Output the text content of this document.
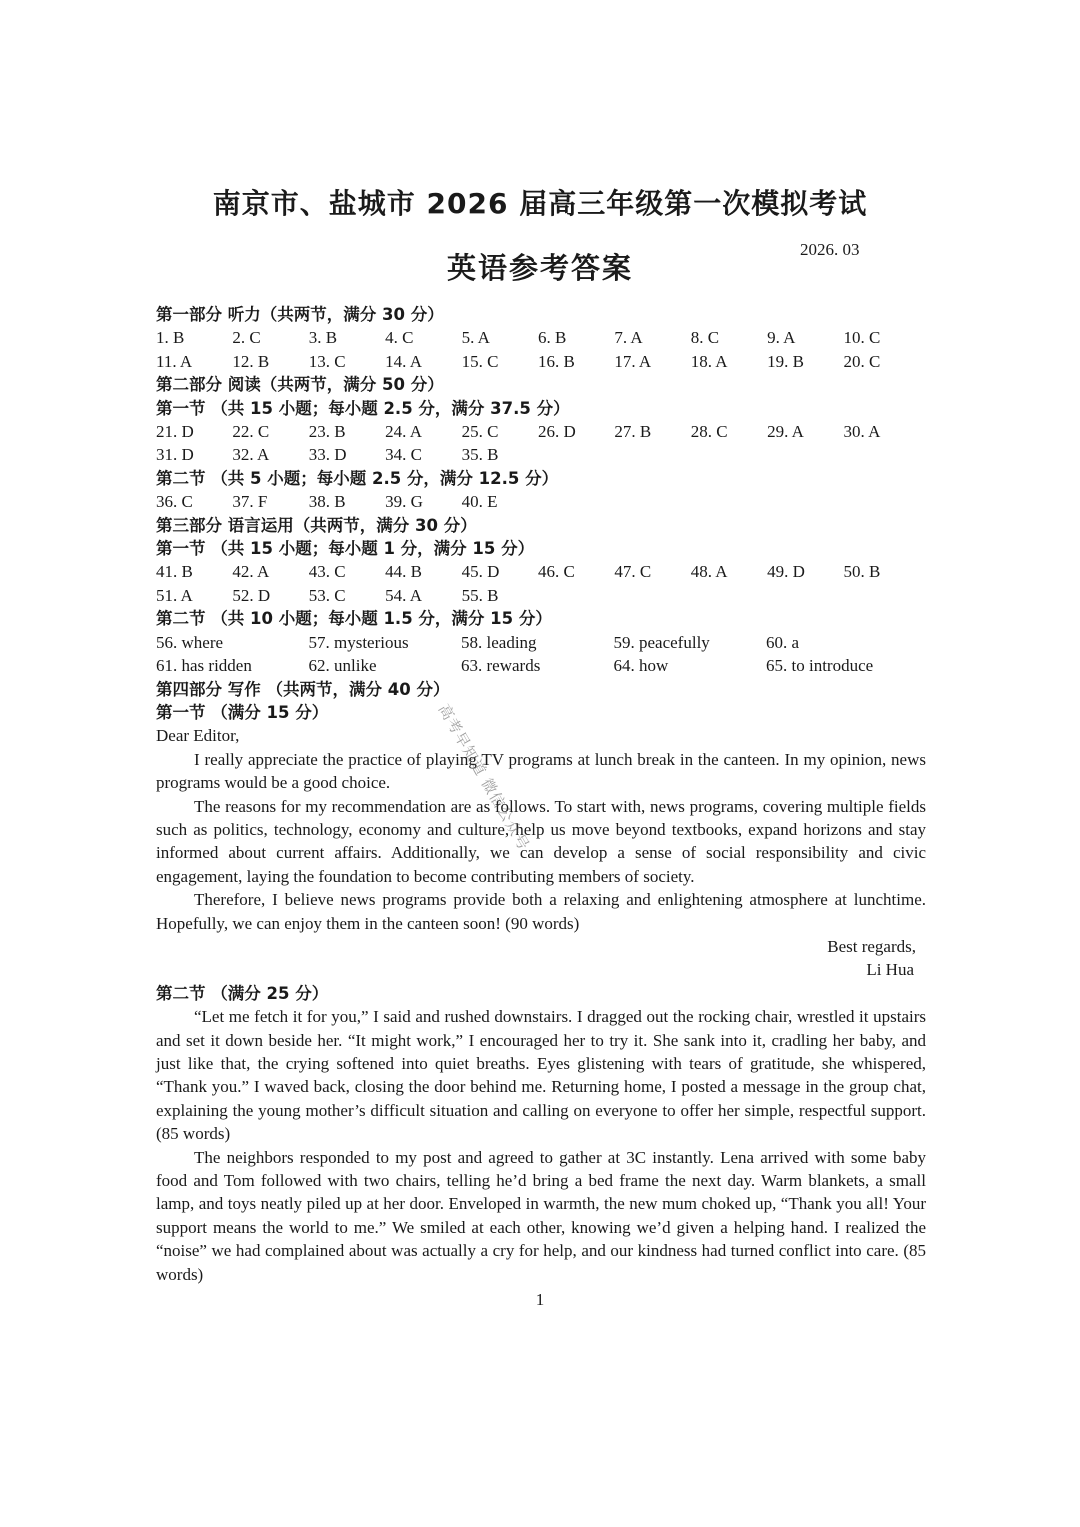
南京市、盐城市 2026 届高三年级第一次模拟考试
英语参考答案
2026. 03
第一部分 听力（共两节，满分 30 分）
1. B	2. C	3. B	4. C	5. A	6. B	7. A	8. C	9. A	10. C
11. A	12. B	13. C	14. A	15. C	16. B	17. A	18. A	19. B	20. C
第二部分 阅读（共两节，满分 50 分）
第一节 （共 15 小题；每小题 2.5 分，满分 37.5 分）
21. D	22. C	23. B	24. A	25. C	26. D	27. B	28. C	29. A	30. A
31. D	32. A	33. D	34. C	35. B
第二节 （共 5 小题；每小题 2.5 分，满分 12.5 分）
36. C	37. F	38. B	39. G	40. E
第三部分 语言运用（共两节，满分 30 分）
第一节 （共 15 小题；每小题 1 分，满分 15 分）
41. B	42. A	43. C	44. B	45. D	46. C	47. C	48. A	49. D	50. B
51. A	52. D	53. C	54. A	55. B
第二节 （共 10 小题；每小题 1.5 分，满分 15 分）
56. where	57. mysterious	58. leading	59. peacefully	60. a
61. has ridden	62. unlike	63. rewards	64. how	65. to introduce
第四部分 写作 （共两节，满分 40 分）
第一节 （满分 15 分）

Dear Editor,

I really appreciate the practice of playing TV programs at lunch break in the canteen. In my opinion, news programs would be a good choice.

The reasons for my recommendation are as follows. To start with, news programs, covering multiple fields such as politics, technology, economy and culture, help us move beyond textbooks, expand horizons and stay informed about current affairs. Additionally, we can develop a sense of social responsibility and civic engagement, laying the foundation to become contributing members of society.

Therefore, I believe news programs provide both a relaxing and enlightening atmosphere at lunchtime. Hopefully, we can enjoy them in the canteen soon! (90 words)

Best regards,

Li Hua

第二节 （满分 25 分）

“Let me fetch it for you,” I said and rushed downstairs. I dragged out the rocking chair, wrestled it upstairs and set it down beside her. “It might work,” I encouraged her to try it. She sank into it, cradling her baby, and just like that, the crying softened into quiet breaths. Eyes glistening with tears of gratitude, she whispered, “Thank you.” I waved back, closing the door behind me. Returning home, I posted a message in the group chat, explaining the young mother’s difficult situation and calling on everyone to offer her simple, respectful support. (85 words)

The neighbors responded to my post and agreed to gather at 3C instantly. Lena arrived with some baby food and Tom followed with two chairs, telling he’d bring a bed frame the next day. Warm blankets, a small lamp, and toys neatly piled up at her door. Enveloped in warmth, the new mum choked up, “Thank you all! Your support means the world to me.” We smiled at each other, knowing we’d given a helping hand. I realized the “noise” we had complained about was actually a cry for help, and our kindness had turned conflict into care. (85 words)

1
高考早知道 微信公众号
